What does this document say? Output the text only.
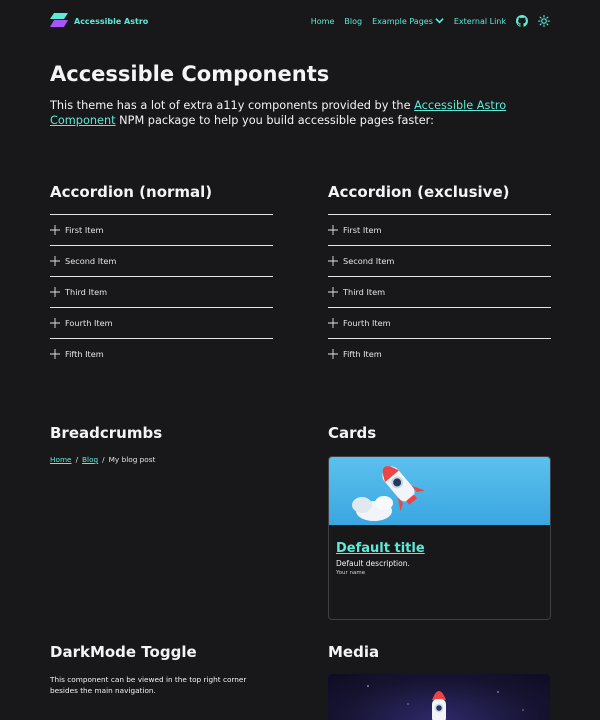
Accessible Astro	Home Blog Example Pages	External Link
Accessible Components

This theme has a lot of extra a11y components provided by the Accessible Astro Component NPM package to help you build accessible pages faster:

Accordion (normal)
First Item
Second Item
Third Item
Fourth Item
Fifth Item
Accordion (exclusive)
First Item
Second Item
Third Item
Fourth Item
Fifth Item
Breadcrumbs
Home / Blog / My blog post
Cards

Default title

Default description.

Your name

DarkMode Toggle

This component can be viewed in the top right corner besides the main navigation.

Media
